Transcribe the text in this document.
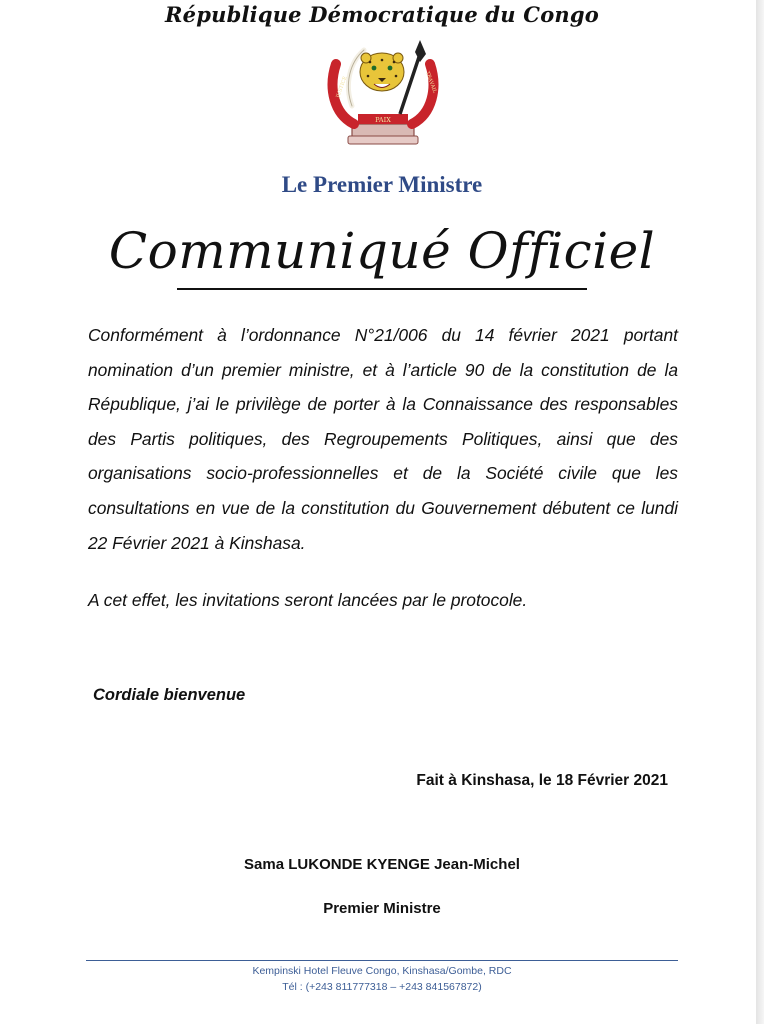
République Démocratique du Congo
PAIX
JUSTICE	TRAVAIL
Le Premier Ministre
Communiqué Officiel

Conformément à l’ordonnance N°21/006 du 14 février 2021 portant nomination d’un premier ministre, et à l’article 90 de la constitution de la République, j’ai le privilège de porter à la Connaissance des responsables des Partis politiques, des Regroupements Politiques, ainsi que des organisations socio-professionnelles et de la Société civile que les consultations en vue de la constitution du Gouvernement débutent ce lundi 22 Février 2021 à Kinshasa.

A cet effet, les invitations seront lancées par le protocole.

Cordiale bienvenue

Fait à Kinshasa, le 18 Février 2021

Sama LUKONDE KYENGE Jean-Michel
Premier Ministre
Kempinski Hotel Fleuve Congo, Kinshasa/Gombe, RDC
Tél : (+243 811777318 – +243 841567872)
